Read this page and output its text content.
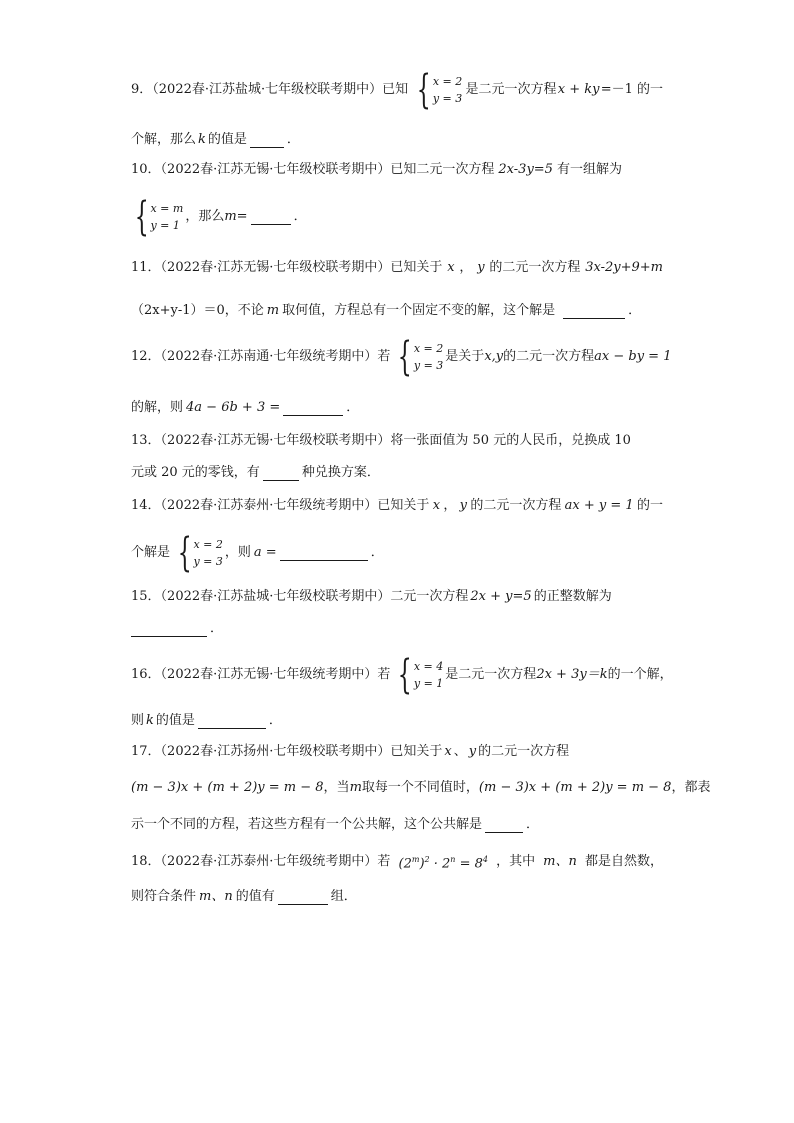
9．（2022春·江苏盐城·七年级校联考期中）已知 { x = 2
y = 3
是二元一次方程 x + ky =－1 的一
个解，那么 k 的值是	．
10．（2022春·江苏无锡·七年级校联考期中）已知二元一次方程 2x-3y=5 有一组解为
{ x = m
y = 1
，那么 m =	．
11．（2022春·江苏无锡·七年级校联考期中）已知关于 x ， y 的二元一次方程 3x-2y+9+m
（2x+y-1）＝0，不论 m 取何值，方程总有一个固定不变的解，这个解是	．
12．（2022春·江苏南通·七年级统考期中）若 { x = 2
y = 3
是关于 x,y 的二元一次方程 ax − by = 1
的解，则 4a − 6b + 3 =	．
13．（2022春·江苏无锡·七年级校联考期中）将一张面值为 50 元的人民币，兑换成 10
元或 20 元的零钱，有	种兑换方案．
14．（2022春·江苏泰州·七年级统考期中）已知关于 x ， y 的二元一次方程 ax + y = 1 的一
个解是 { x = 2
y = 3
，则 a =	．
15．（2022春·江苏盐城·七年级校联考期中）二元一次方程 2x + y=5 的正整数解为
．
16．（2022春·江苏无锡·七年级统考期中）若 { x = 4
y = 1
是二元一次方程 2x + 3y＝k 的一个解，
则 k 的值是	．
17．（2022春·江苏扬州·七年级校联考期中）已知关于 x 、 y 的二元一次方程
(m − 3)x + (m + 2)y = m − 8 ，当 m 取每一个不同值时， (m − 3)x + (m + 2)y = m − 8 ，都表
示一个不同的方程，若这些方程有一个公共解，这个公共解是	．
18．（2022春·江苏泰州·七年级统考期中）若 $(2^m)^2 \cdot 2^n = 8^4$ ，其中 m、n 都是自然数，
则符合条件 m、n 的值有	组．
